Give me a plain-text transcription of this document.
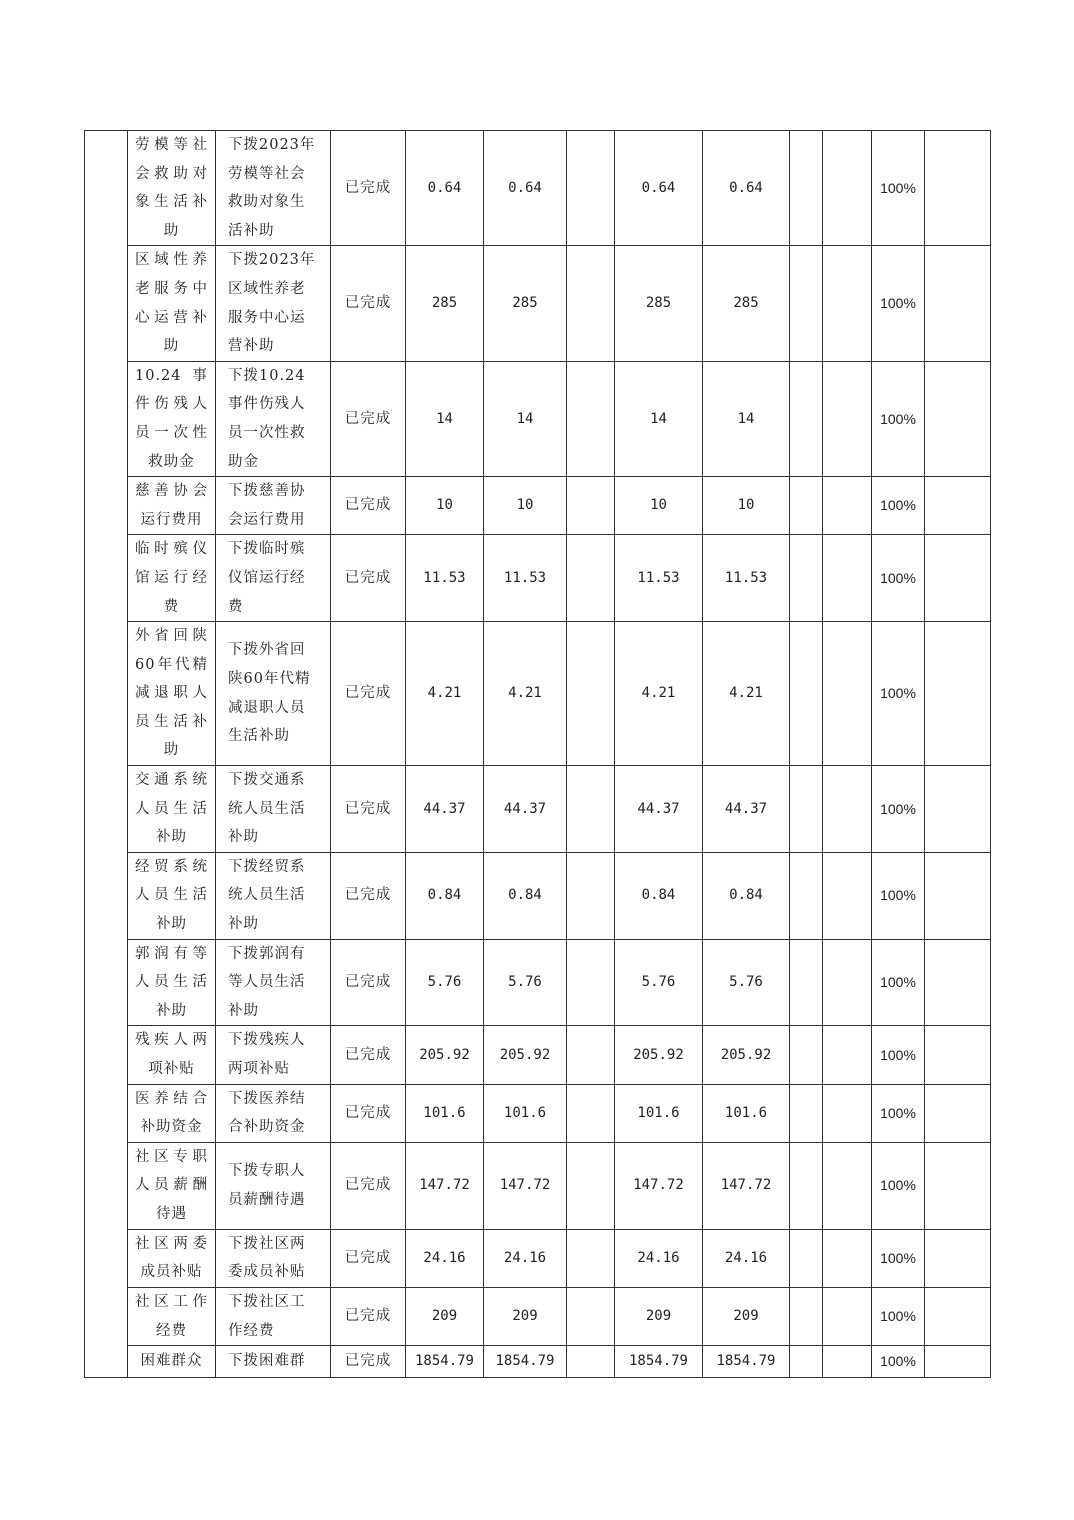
	劳模等社会救助对象生活补助	下拨2023年劳模等社会救助对象生活补助	已完成	0.64	0.64		0.64	0.64			100%	
	区域性养老服务中心运营补助	下拨2023年区域性养老服务中心运营补助	已完成	285	285		285	285			100%	
	10.24事件伤残人员一次性救助金	下拨10.24事件伤残人员一次性救助金	已完成	14	14		14	14			100%	
	慈善协会运行费用	下拨慈善协会运行费用	已完成	10	10		10	10			100%	
	临时殡仪馆运行经费	下拨临时殡仪馆运行经费	已完成	11.53	11.53		11.53	11.53			100%	
	外省回陕60年代精减退职人员生活补助	下拨外省回陕60年代精减退职人员生活补助	已完成	4.21	4.21		4.21	4.21			100%	
	交通系统人员生活补助	下拨交通系统人员生活补助	已完成	44.37	44.37		44.37	44.37			100%	
	经贸系统人员生活补助	下拨经贸系统人员生活补助	已完成	0.84	0.84		0.84	0.84			100%	
	郭润有等人员生活补助	下拨郭润有等人员生活补助	已完成	5.76	5.76		5.76	5.76			100%	
	残疾人两项补贴	下拨残疾人两项补贴	已完成	205.92	205.92		205.92	205.92			100%	
	医养结合补助资金	下拨医养结合补助资金	已完成	101.6	101.6		101.6	101.6			100%	
	社区专职人员薪酬待遇	下拨专职人员薪酬待遇	已完成	147.72	147.72		147.72	147.72			100%	
	社区两委成员补贴	下拨社区两委成员补贴	已完成	24.16	24.16		24.16	24.16			100%	
	社区工作经费	下拨社区工作经费	已完成	209	209		209	209			100%	
	困难群众	下拨困难群	已完成	1854.79	1854.79		1854.79	1854.79			100%	
